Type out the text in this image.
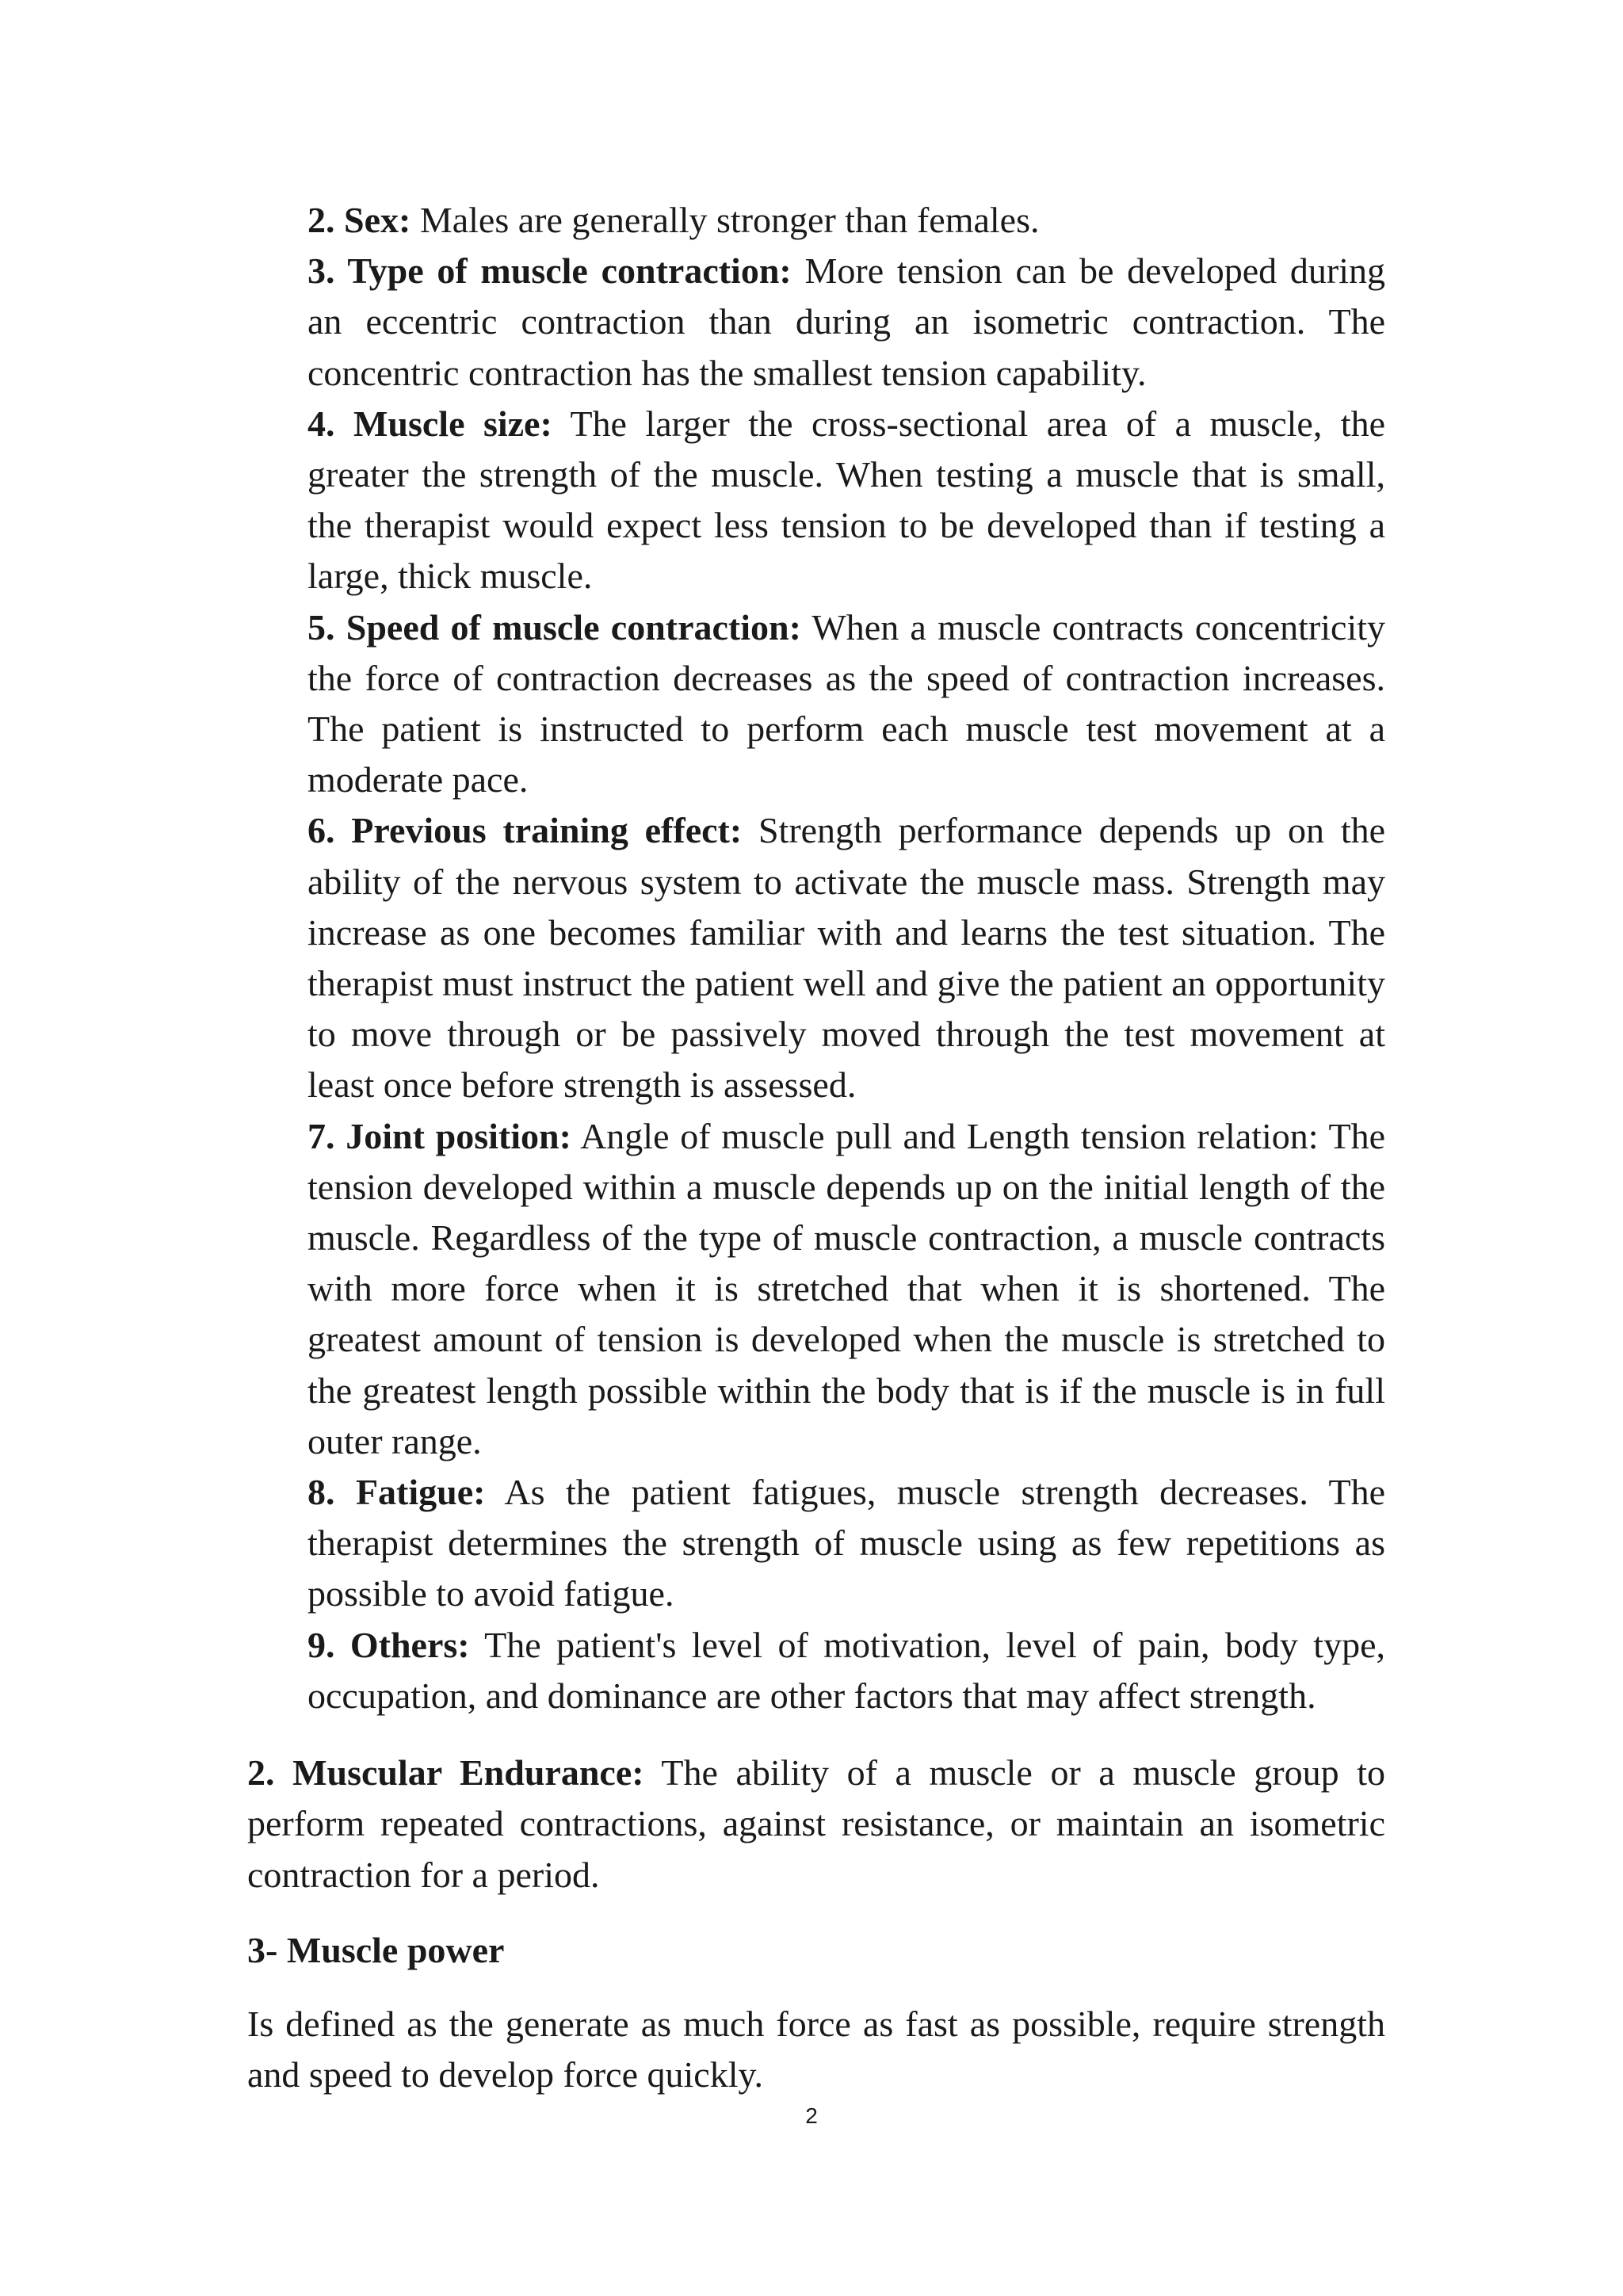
2. Sex: Males are generally stronger than females.

3. Type of muscle contraction: More tension can be developed during an eccentric contraction than during an isometric contraction. The concentric contraction has the smallest tension capability.

4. Muscle size: The larger the cross-sectional area of a muscle, the greater the strength of the muscle. When testing a muscle that is small, the therapist would expect less tension to be developed than if testing a large, thick muscle.

5. Speed of muscle contraction: When a muscle contracts concentricity the force of contraction decreases as the speed of contraction increases. The patient is instructed to perform each muscle test movement at a moderate pace.

6. Previous training effect: Strength performance depends up on the ability of the nervous system to activate the muscle mass. Strength may increase as one becomes familiar with and learns the test situation. The therapist must instruct the patient well and give the patient an opportunity to move through or be passively moved through the test movement at least once before strength is assessed.

7. Joint position: Angle of muscle pull and Length tension relation: The tension developed within a muscle depends up on the initial length of the muscle. Regardless of the type of muscle contraction, a muscle contracts with more force when it is stretched that when it is shortened. The greatest amount of tension is developed when the muscle is stretched to the greatest length possible within the body that is if the muscle is in full outer range.

8. Fatigue: As the patient fatigues, muscle strength decreases. The therapist determines the strength of muscle using as few repetitions as possible to avoid fatigue.

9. Others: The patient's level of motivation, level of pain, body type, occupation, and dominance are other factors that may affect strength.

2. Muscular Endurance: The ability of a muscle or a muscle group to perform repeated contractions, against resistance, or maintain an isometric contraction for a period.

3- Muscle power

Is defined as the generate as much force as fast as possible, require strength and speed to develop force quickly.

2
